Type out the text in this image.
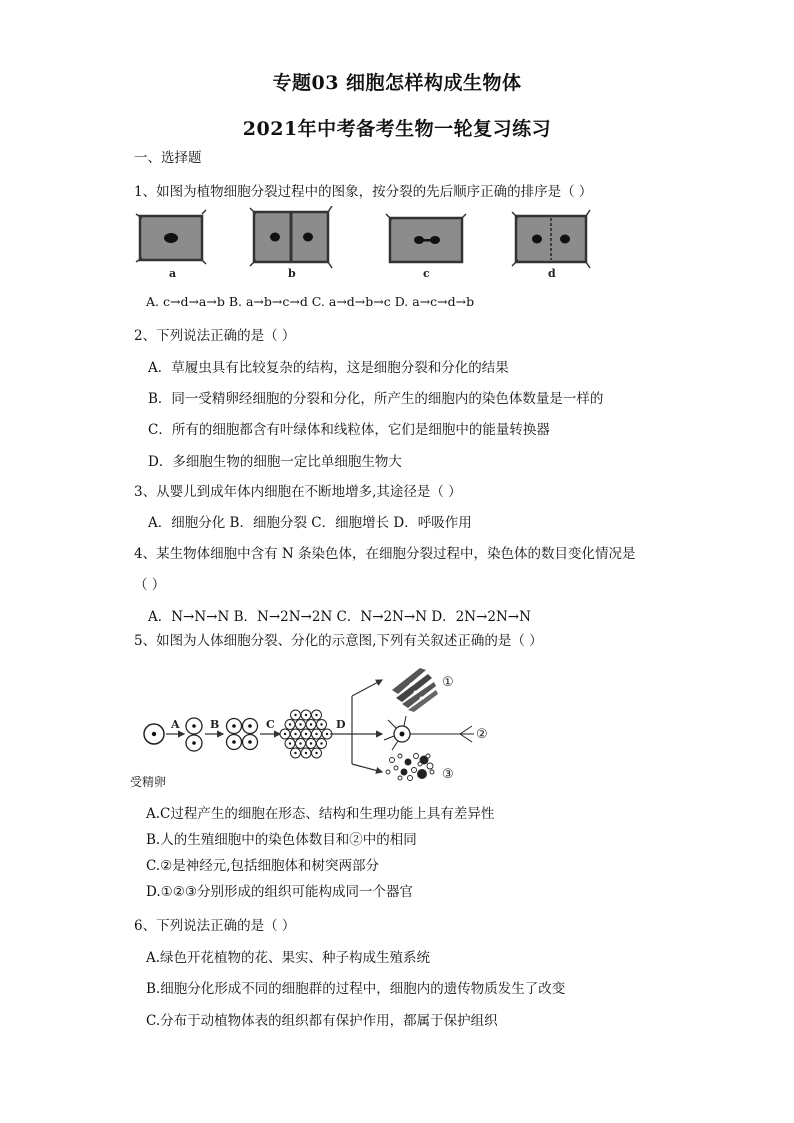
专题03 细胞怎样构成生物体
2021年中考备考生物一轮复习练习
一、选择题
1、如图为植物细胞分裂过程中的图象，按分裂的先后顺序正确的排序是（ ）
a	b	c	d
A. c→d→a→b B. a→b→c→d C. a→d→b→c D. a→c→d→b
2、下列说法正确的是（ ）
A．草履虫具有比较复杂的结构，这是细胞分裂和分化的结果
B．同一受精卵经细胞的分裂和分化，所产生的细胞内的染色体数量是一样的
C．所有的细胞都含有叶绿体和线粒体，它们是细胞中的能量转换器
D．多细胞生物的细胞一定比单细胞生物大
3、从婴儿到成年体内细胞在不断地增多,其途径是（ ）
A．细胞分化 B．细胞分裂 C．细胞增长 D．呼吸作用
4、某生物体细胞中含有 N 条染色体，在细胞分裂过程中，染色体的数目变化情况是
（ ）
A．N→N→N B．N→2N→2N C．N→2N→N D．2N→2N→N
5、如图为人体细胞分裂、分化的示意图,下列有关叙述正确的是（ ）
A	B	C	D
①
②
③
受精卵
A.C过程产生的细胞在形态、结构和生理功能上具有差异性
B.人的生殖细胞中的染色体数目和②中的相同
C.②是神经元,包括细胞体和树突两部分
D.①②③分别形成的组织可能构成同一个器官
6、下列说法正确的是（ ）
A.绿色开花植物的花、果实、种子构成生殖系统
B.细胞分化形成不同的细胞群的过程中，细胞内的遗传物质发生了改变
C.分布于动植物体表的组织都有保护作用，都属于保护组织
